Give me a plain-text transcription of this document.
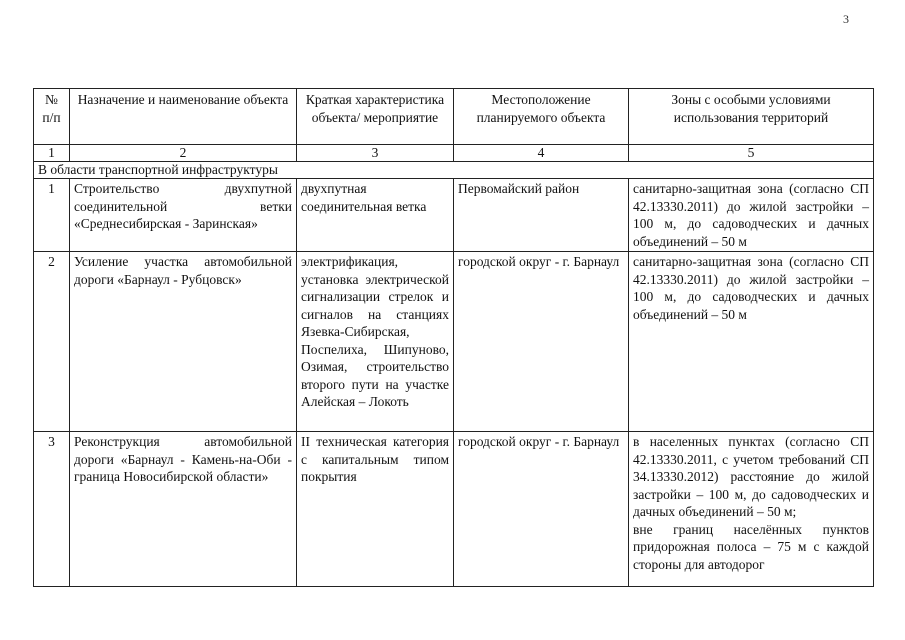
3
№ п/п	Назначение и наименование объекта	Краткая характеристика объекта/ мероприятие	Местоположение планируемого объекта	Зоны с особыми условиями использования территорий
1	2	3	4	5
В области транспортной инфраструктуры				
1	Строительство двухпутной соединительной ветки «Среднесибирская - Заринская»	двухпутная соединительная ветка	Первомайский район	санитарно-защитная зона (согласно СП 42.13330.2011) до жилой застройки – 100 м, до садоводческих и дачных объединений – 50 м
2	Усиление участка автомобильной дороги «Барнаул - Рубцовск»	электрификация, установка электрической сигнализации стрелок и сигналов на станциях Язевка-Сибирская, Поспелиха, Шипуново, Озимая, строительство второго пути на участке Алейская – Локоть	городской округ - г. Барнаул	санитарно-защитная зона (согласно СП 42.13330.2011) до жилой застройки – 100 м, до садоводческих и дачных объединений – 50 м
3	Реконструкция автомобильной дороги «Барнаул - Камень-на-Оби - граница Новосибирской области»	II техническая категория с капитальным типом покрытия	городской округ - г. Барнаул	в населенных пунктах (согласно СП 42.13330.2011, с учетом требований СП 34.13330.2012) расстояние до жилой застройки – 100 м, до садоводческих и дачных объединений – 50 м;
вне границ населённых пунктов придорожная полоса – 75 м с каждой стороны для автодорог
